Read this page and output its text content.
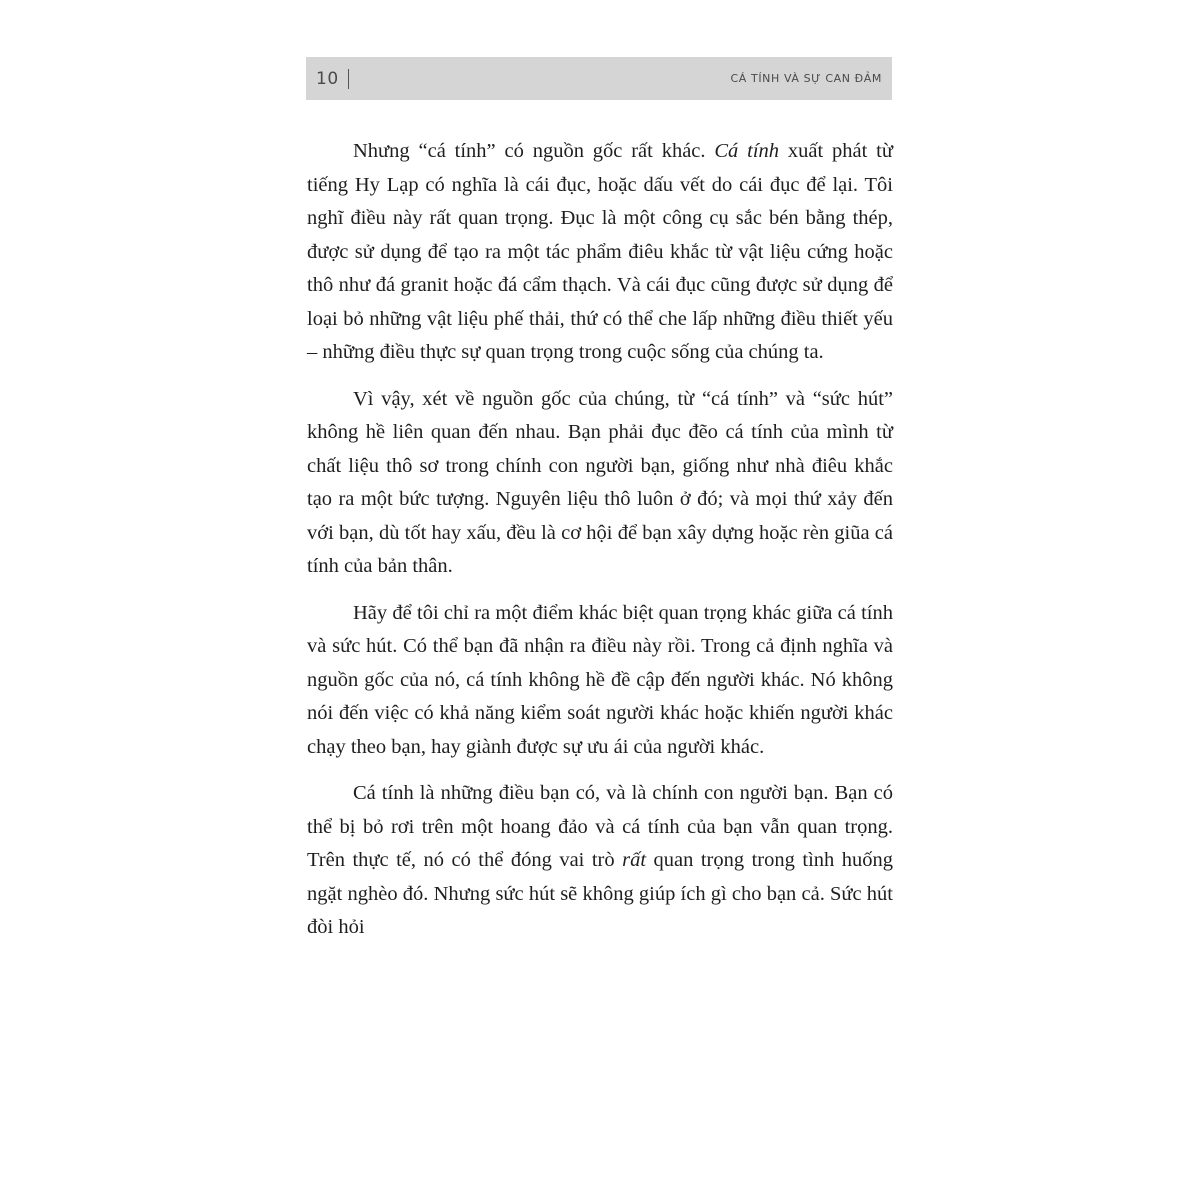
10	CÁ TÍNH VÀ SỰ CAN ĐẢM

Nhưng “cá tính” có nguồn gốc rất khác. Cá tính xuất phát từ tiếng Hy Lạp có nghĩa là cái đục, hoặc dấu vết do cái đục để lại. Tôi nghĩ điều này rất quan trọng. Đục là một công cụ sắc bén bằng thép, được sử dụng để tạo ra một tác phẩm điêu khắc từ vật liệu cứng hoặc thô như đá granit hoặc đá cẩm thạch. Và cái đục cũng được sử dụng để loại bỏ những vật liệu phế thải, thứ có thể che lấp những điều thiết yếu – những điều thực sự quan trọng trong cuộc sống của chúng ta.

Vì vậy, xét về nguồn gốc của chúng, từ “cá tính” và “sức hút” không hề liên quan đến nhau. Bạn phải đục đẽo cá tính của mình từ chất liệu thô sơ trong chính con người bạn, giống như nhà điêu khắc tạo ra một bức tượng. Nguyên liệu thô luôn ở đó; và mọi thứ xảy đến với bạn, dù tốt hay xấu, đều là cơ hội để bạn xây dựng hoặc rèn giũa cá tính của bản thân.

Hãy để tôi chỉ ra một điểm khác biệt quan trọng khác giữa cá tính và sức hút. Có thể bạn đã nhận ra điều này rồi. Trong cả định nghĩa và nguồn gốc của nó, cá tính không hề đề cập đến người khác. Nó không nói đến việc có khả năng kiểm soát người khác hoặc khiến người khác chạy theo bạn, hay giành được sự ưu ái của người khác.

Cá tính là những điều bạn có, và là chính con người bạn. Bạn có thể bị bỏ rơi trên một hoang đảo và cá tính của bạn vẫn quan trọng. Trên thực tế, nó có thể đóng vai trò rất quan trọng trong tình huống ngặt nghèo đó. Nhưng sức hút sẽ không giúp ích gì cho bạn cả. Sức hút đòi hỏi
